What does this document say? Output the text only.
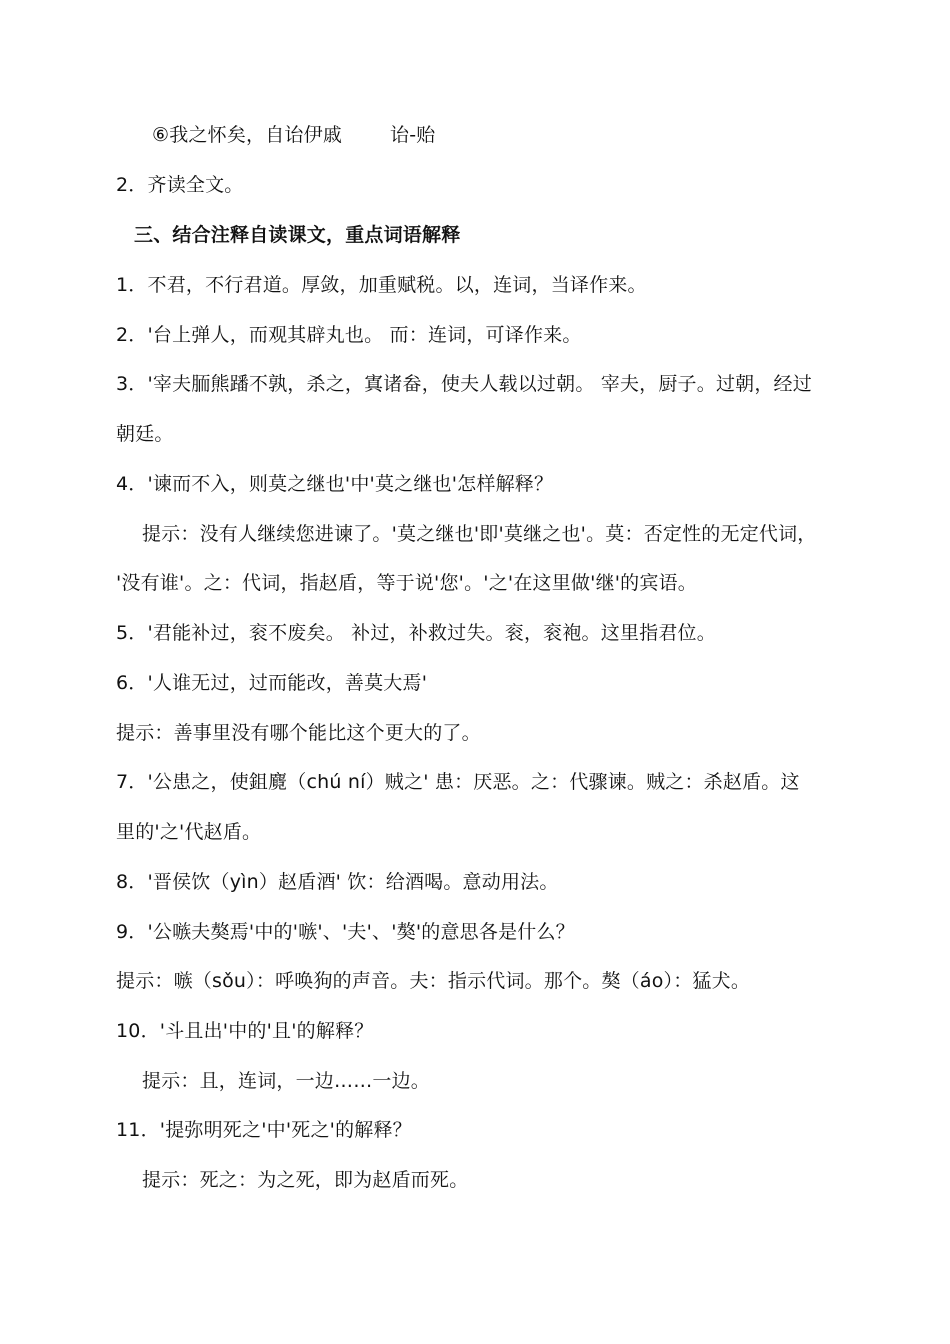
⑥我之怀矣，自诒伊戚	诒-贻
2．齐读全文。
三、结合注释自读课文，重点词语解释
1．不君，不行君道。厚敛，加重赋税。以，连词，当译作来。
2．'台上弹人，而观其辟丸也。 而：连词，可译作来。
3．'宰夫胹熊蹯不孰，杀之，寘诸畚，使夫人载以过朝。 宰夫，厨子。过朝，经过
朝廷。
4．'谏而不入，则莫之继也'中'莫之继也'怎样解释？
提示：没有人继续您进谏了。'莫之继也'即'莫继之也'。莫：否定性的无定代词，
'没有谁'。之：代词，指赵盾，等于说'您'。'之'在这里做'继'的宾语。
5．'君能补过，衮不废矣。 补过，补救过失。衮，衮袍。这里指君位。
6．'人谁无过，过而能改，善莫大焉'
提示：善事里没有哪个能比这个更大的了。
7．'公患之，使鉏麑（chú ní）贼之' 患：厌恶。之：代骤谏。贼之：杀赵盾。这
里的'之'代赵盾。
8．'晋侯饮（yìn）赵盾酒' 饮：给酒喝。意动用法。
9．'公嗾夫獒焉'中的'嗾'、'夫'、'獒'的意思各是什么？
提示：嗾（sǒu）：呼唤狗的声音。夫：指示代词。那个。獒（áo）：猛犬。
10．'斗且出'中的'且'的解释？
提示：且，连词，一边……一边。
11．'提弥明死之'中'死之'的解释？
提示：死之：为之死，即为赵盾而死。
